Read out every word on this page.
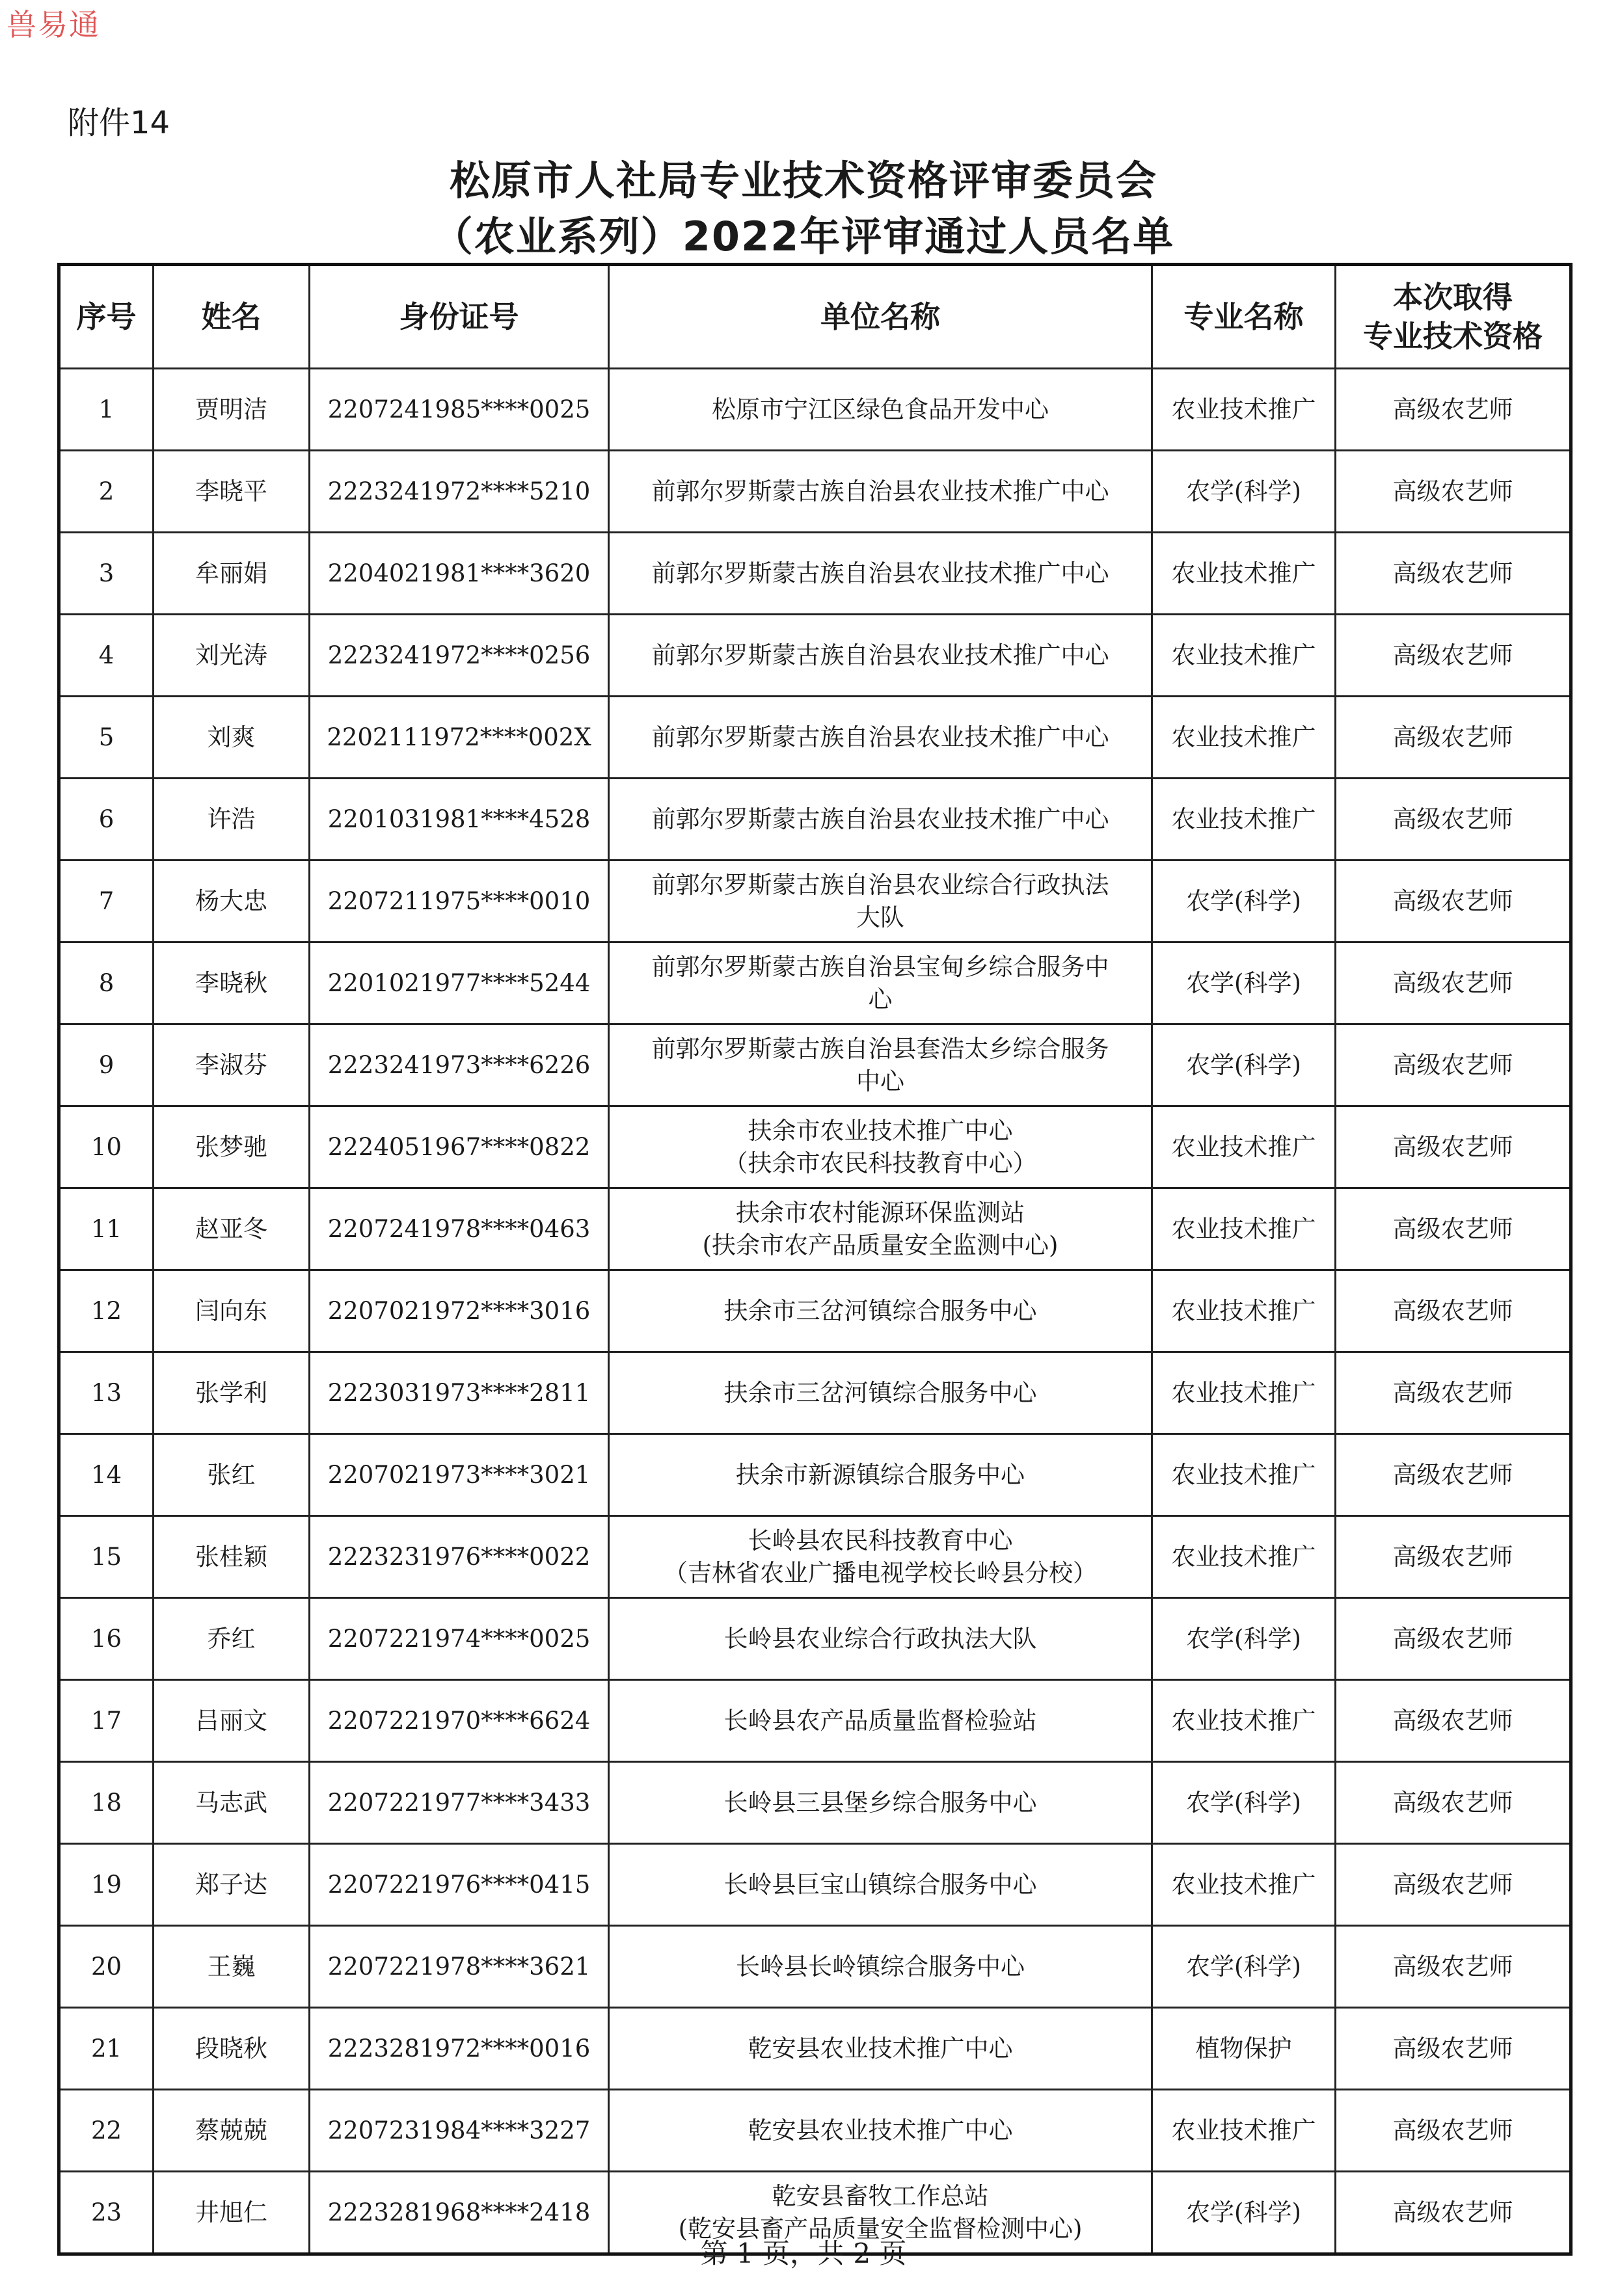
兽易通
附件14
松原市人社局专业技术资格评审委员会
（农业系列）2022年评审通过人员名单
序号	姓名	身份证号	单位名称	专业名称	本次取得
专业技术资格

1	贾明洁	2207241985****0025	松原市宁江区绿色食品开发中心	农业技术推广	高级农艺师
2	李晓平	2223241972****5210	前郭尔罗斯蒙古族自治县农业技术推广中心	农学(科学)	高级农艺师
3	牟丽娟	2204021981****3620	前郭尔罗斯蒙古族自治县农业技术推广中心	农业技术推广	高级农艺师
4	刘光涛	2223241972****0256	前郭尔罗斯蒙古族自治县农业技术推广中心	农业技术推广	高级农艺师
5	刘爽	2202111972****002X	前郭尔罗斯蒙古族自治县农业技术推广中心	农业技术推广	高级农艺师
6	许浩	2201031981****4528	前郭尔罗斯蒙古族自治县农业技术推广中心	农业技术推广	高级农艺师
7	杨大忠	2207211975****0010	前郭尔罗斯蒙古族自治县农业综合行政执法
大队	农学(科学)	高级农艺师
8	李晓秋	2201021977****5244	前郭尔罗斯蒙古族自治县宝甸乡综合服务中
心	农学(科学)	高级农艺师
9	李淑芬	2223241973****6226	前郭尔罗斯蒙古族自治县套浩太乡综合服务
中心	农学(科学)	高级农艺师
10	张梦驰	2224051967****0822	扶余市农业技术推广中心
（扶余市农民科技教育中心）	农业技术推广	高级农艺师
11	赵亚冬	2207241978****0463	扶余市农村能源环保监测站
(扶余市农产品质量安全监测中心)	农业技术推广	高级农艺师
12	闫向东	2207021972****3016	扶余市三岔河镇综合服务中心	农业技术推广	高级农艺师
13	张学利	2223031973****2811	扶余市三岔河镇综合服务中心	农业技术推广	高级农艺师
14	张红	2207021973****3021	扶余市新源镇综合服务中心	农业技术推广	高级农艺师
15	张桂颖	2223231976****0022	长岭县农民科技教育中心
（吉林省农业广播电视学校长岭县分校）	农业技术推广	高级农艺师
16	乔红	2207221974****0025	长岭县农业综合行政执法大队	农学(科学)	高级农艺师
17	吕丽文	2207221970****6624	长岭县农产品质量监督检验站	农业技术推广	高级农艺师
18	马志武	2207221977****3433	长岭县三县堡乡综合服务中心	农学(科学)	高级农艺师
19	郑子达	2207221976****0415	长岭县巨宝山镇综合服务中心	农业技术推广	高级农艺师
20	王巍	2207221978****3621	长岭县长岭镇综合服务中心	农学(科学)	高级农艺师
21	段晓秋	2223281972****0016	乾安县农业技术推广中心	植物保护	高级农艺师
22	蔡兢兢	2207231984****3227	乾安县农业技术推广中心	农业技术推广	高级农艺师
23	井旭仁	2223281968****2418	乾安县畜牧工作总站
(乾安县畜产品质量安全监督检测中心)	农学(科学)	高级农艺师
第 1 页，共 2 页
